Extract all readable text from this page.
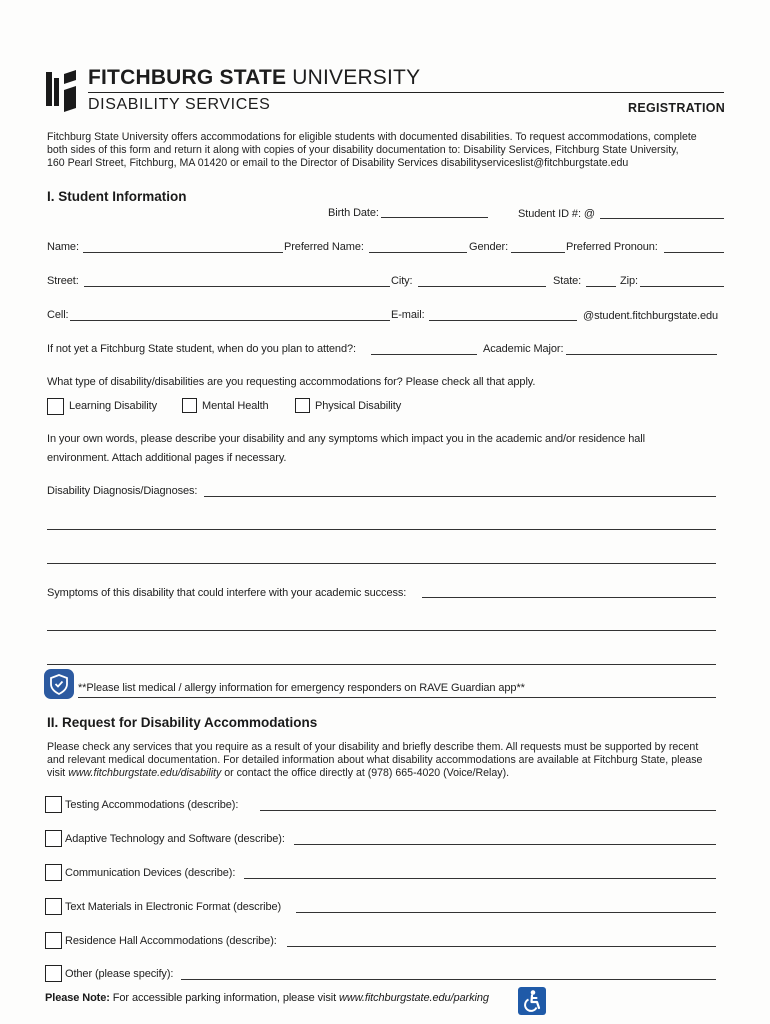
FITCHBURG STATE UNIVERSITY
DISABILITY SERVICES	REGISTRATION
Fitchburg State University offers accommodations for eligible students with documented disabilities. To request accommodations, complete
both sides of this form and return it along with copies of your disability documentation to: Disability Services, Fitchburg State University,
160 Pearl Street, Fitchburg, MA 01420 or email to the Director of Disability Services disabilityserviceslist@fitchburgstate.edu
I. Student Information
Birth Date:	Student ID #: @
Name:	Preferred Name:	Gender:	Preferred Pronoun:
Street:	City:	State:	Zip:
Cell:	E-mail:	@student.fitchburgstate.edu
If not yet a Fitchburg State student, when do you plan to attend?:	Academic Major:
What type of disability/disabilities are you requesting accommodations for? Please check all that apply.
Learning Disability	Mental Health	Physical Disability
In your own words, please describe your disability and any symptoms which impact you in the academic and/or residence hall
environment. Attach additional pages if necessary.
Disability Diagnosis/Diagnoses:
Symptoms of this disability that could interfere with your academic success:
**Please list medical / allergy information for emergency responders on RAVE Guardian app**
II. Request for Disability Accommodations
Please check any services that you require as a result of your disability and briefly describe them. All requests must be supported by recent
and relevant medical documentation. For detailed information about what disability accommodations are available at Fitchburg State, please
visit www.fitchburgstate.edu/disability or contact the office directly at (978) 665-4020 (Voice/Relay).
Testing Accommodations (describe):
Adaptive Technology and Software (describe):
Communication Devices (describe):
Text Materials in Electronic Format (describe)
Residence Hall Accommodations (describe):
Other (please specify):
Please Note: For accessible parking information, please visit www.fitchburgstate.edu/parking
